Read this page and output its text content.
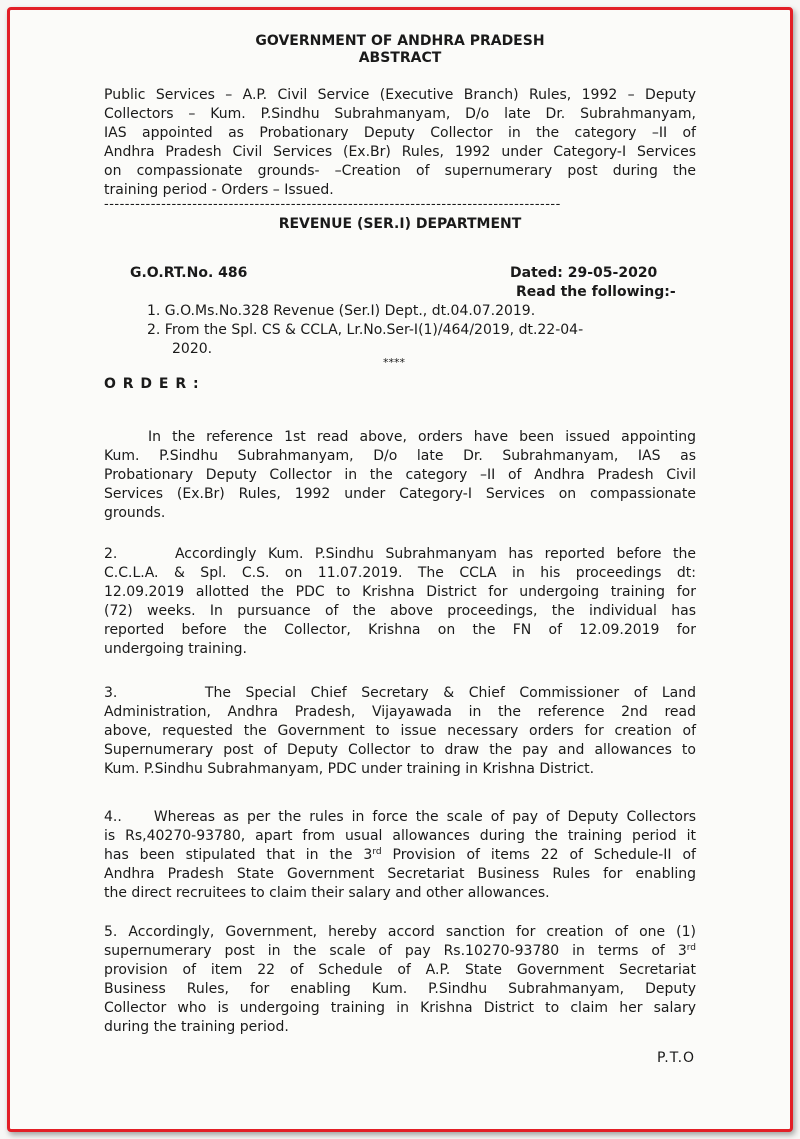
GOVERNMENT OF ANDHRA PRADESH

ABSTRACT

Public Services – A.P. Civil Service (Executive Branch) Rules, 1992 – Deputy
Collectors – Kum. P.Sindhu Subrahmanyam, D/o late Dr. Subrahmanyam,
IAS appointed as Probationary Deputy Collector in the category –II of
Andhra Pradesh Civil Services (Ex.Br) Rules, 1992 under Category-I Services
on compassionate grounds- –Creation of supernumerary post during the
training period - Orders – Issued.
----------------------------------------------------------------------------------------

REVENUE (SER.I) DEPARTMENT

G.O.RT.No. 486	Dated: 29-05-2020

Read the following:-

1. G.O.Ms.No.328 Revenue (Ser.I) Dept., dt.04.07.2019.

2. From the Spl. CS & CCLA, Lr.No.Ser-I(1)/464/2019, dt.22-04-

2020.

****

O R D E R :

In the reference 1st read above, orders have been issued appointing
Kum. P.Sindhu Subrahmanyam, D/o late Dr. Subrahmanyam, IAS as
Probationary Deputy Collector in the category –II of Andhra Pradesh Civil
Services (Ex.Br) Rules, 1992 under Category-I Services on compassionate
grounds.
2.     Accordingly Kum. P.Sindhu Subrahmanyam has reported before the
C.C.L.A. & Spl. C.S. on 11.07.2019. The CCLA in his proceedings dt:
12.09.2019 allotted the PDC to Krishna District for undergoing training for
(72) weeks. In pursuance of the above proceedings, the individual has
reported before the Collector, Krishna on the FN of 12.09.2019 for
undergoing training.
3.      The Special Chief Secretary & Chief Commissioner of Land
Administration, Andhra Pradesh, Vijayawada in the reference 2nd read
above, requested the Government to issue necessary orders for creation of
Supernumerary post of Deputy Collector to draw the pay and allowances to
Kum. P.Sindhu Subrahmanyam, PDC under training in Krishna District.
4..    Whereas as per the rules in force the scale of pay of Deputy Collectors
is Rs,40270-93780, apart from usual allowances during the training period it
has been stipulated that in the 3rd Provision of items 22 of Schedule-II of
Andhra Pradesh State Government Secretariat Business Rules for enabling
the direct recruitees to claim their salary and other allowances.
5. Accordingly, Government, hereby accord sanction for creation of one (1)
supernumerary post in the scale of pay Rs.10270-93780 in terms of 3rd
provision of item 22 of Schedule of A.P. State Government Secretariat
Business Rules, for enabling Kum. P.Sindhu Subrahmanyam, Deputy
Collector who is undergoing training in Krishna District to claim her salary
during the training period.

P.T.O
